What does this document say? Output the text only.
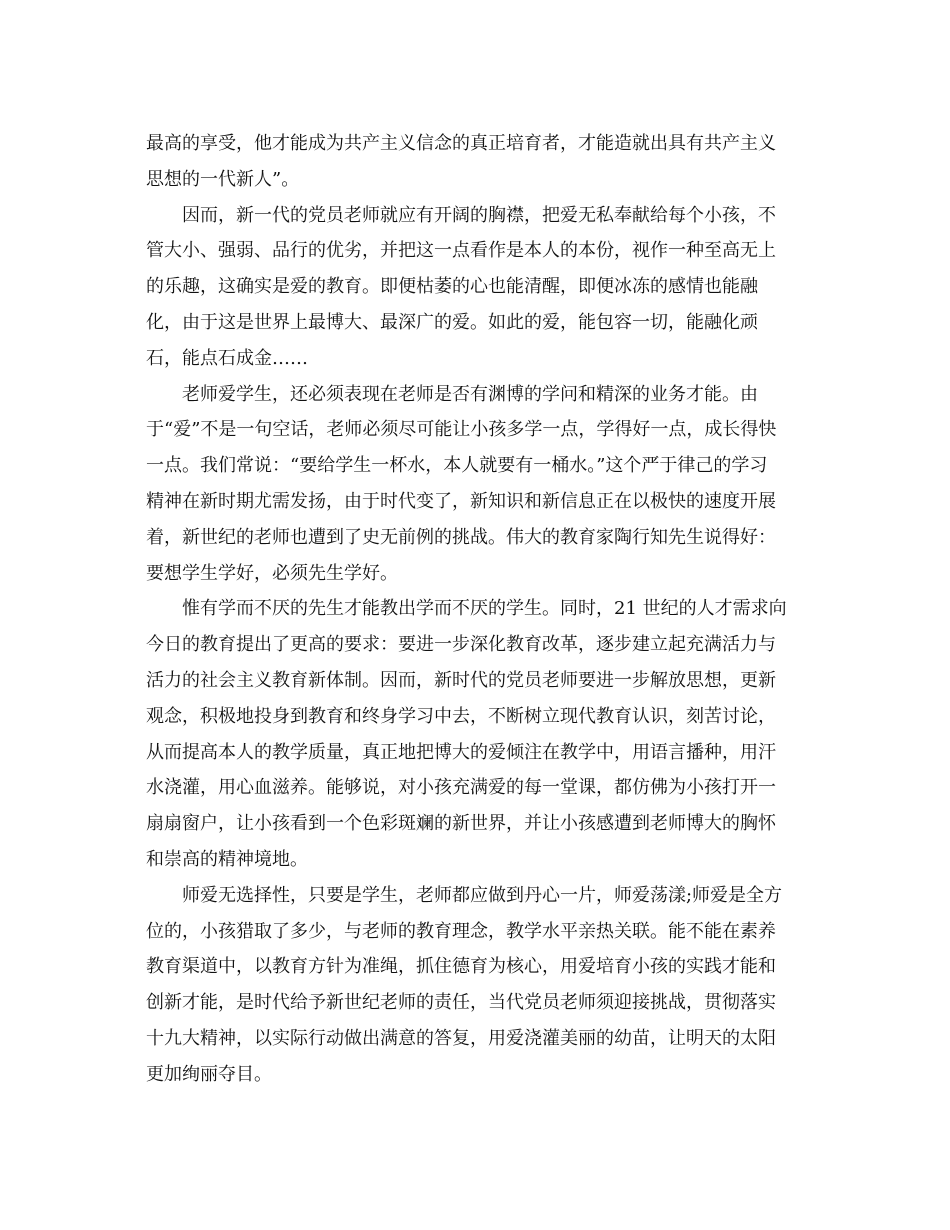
最高的享受，他才能成为共产主义信念的真正培育者，才能造就出具有共产主义
思想的一代新人”。
因而，新一代的党员老师就应有开阔的胸襟，把爱无私奉献给每个小孩，不
管大小、强弱、品行的优劣，并把这一点看作是本人的本份，视作一种至高无上
的乐趣，这确实是爱的教育。即便枯萎的心也能清醒，即便冰冻的感情也能融
化，由于这是世界上最博大、最深广的爱。如此的爱，能包容一切，能融化顽
石，能点石成金……
老师爱学生，还必须表现在老师是否有渊博的学问和精深的业务才能。由
于“爱”不是一句空话，老师必须尽可能让小孩多学一点，学得好一点，成长得快
一点。我们常说：“要给学生一杯水，本人就要有一桶水。”这个严于律己的学习
精神在新时期尤需发扬，由于时代变了，新知识和新信息正在以极快的速度开展
着，新世纪的老师也遭到了史无前例的挑战。伟大的教育家陶行知先生说得好：
要想学生学好，必须先生学好。
惟有学而不厌的先生才能教出学而不厌的学生。同时，21 世纪的人才需求向
今日的教育提出了更高的要求：要进一步深化教育改革，逐步建立起充满活力与
活力的社会主义教育新体制。因而，新时代的党员老师要进一步解放思想，更新
观念，积极地投身到教育和终身学习中去，不断树立现代教育认识，刻苦讨论，
从而提高本人的教学质量，真正地把博大的爱倾注在教学中，用语言播种，用汗
水浇灌，用心血滋养。能够说，对小孩充满爱的每一堂课，都仿佛为小孩打开一
扇扇窗户，让小孩看到一个色彩斑斓的新世界，并让小孩感遭到老师博大的胸怀
和崇高的精神境地。
师爱无选择性，只要是学生，老师都应做到丹心一片，师爱荡漾;师爱是全方
位的，小孩猎取了多少，与老师的教育理念，教学水平亲热关联。能不能在素养
教育渠道中，以教育方针为准绳，抓住德育为核心，用爱培育小孩的实践才能和
创新才能，是时代给予新世纪老师的责任，当代党员老师须迎接挑战，贯彻落实
十九大精神，以实际行动做出满意的答复，用爱浇灌美丽的幼苗，让明天的太阳
更加绚丽夺目。
